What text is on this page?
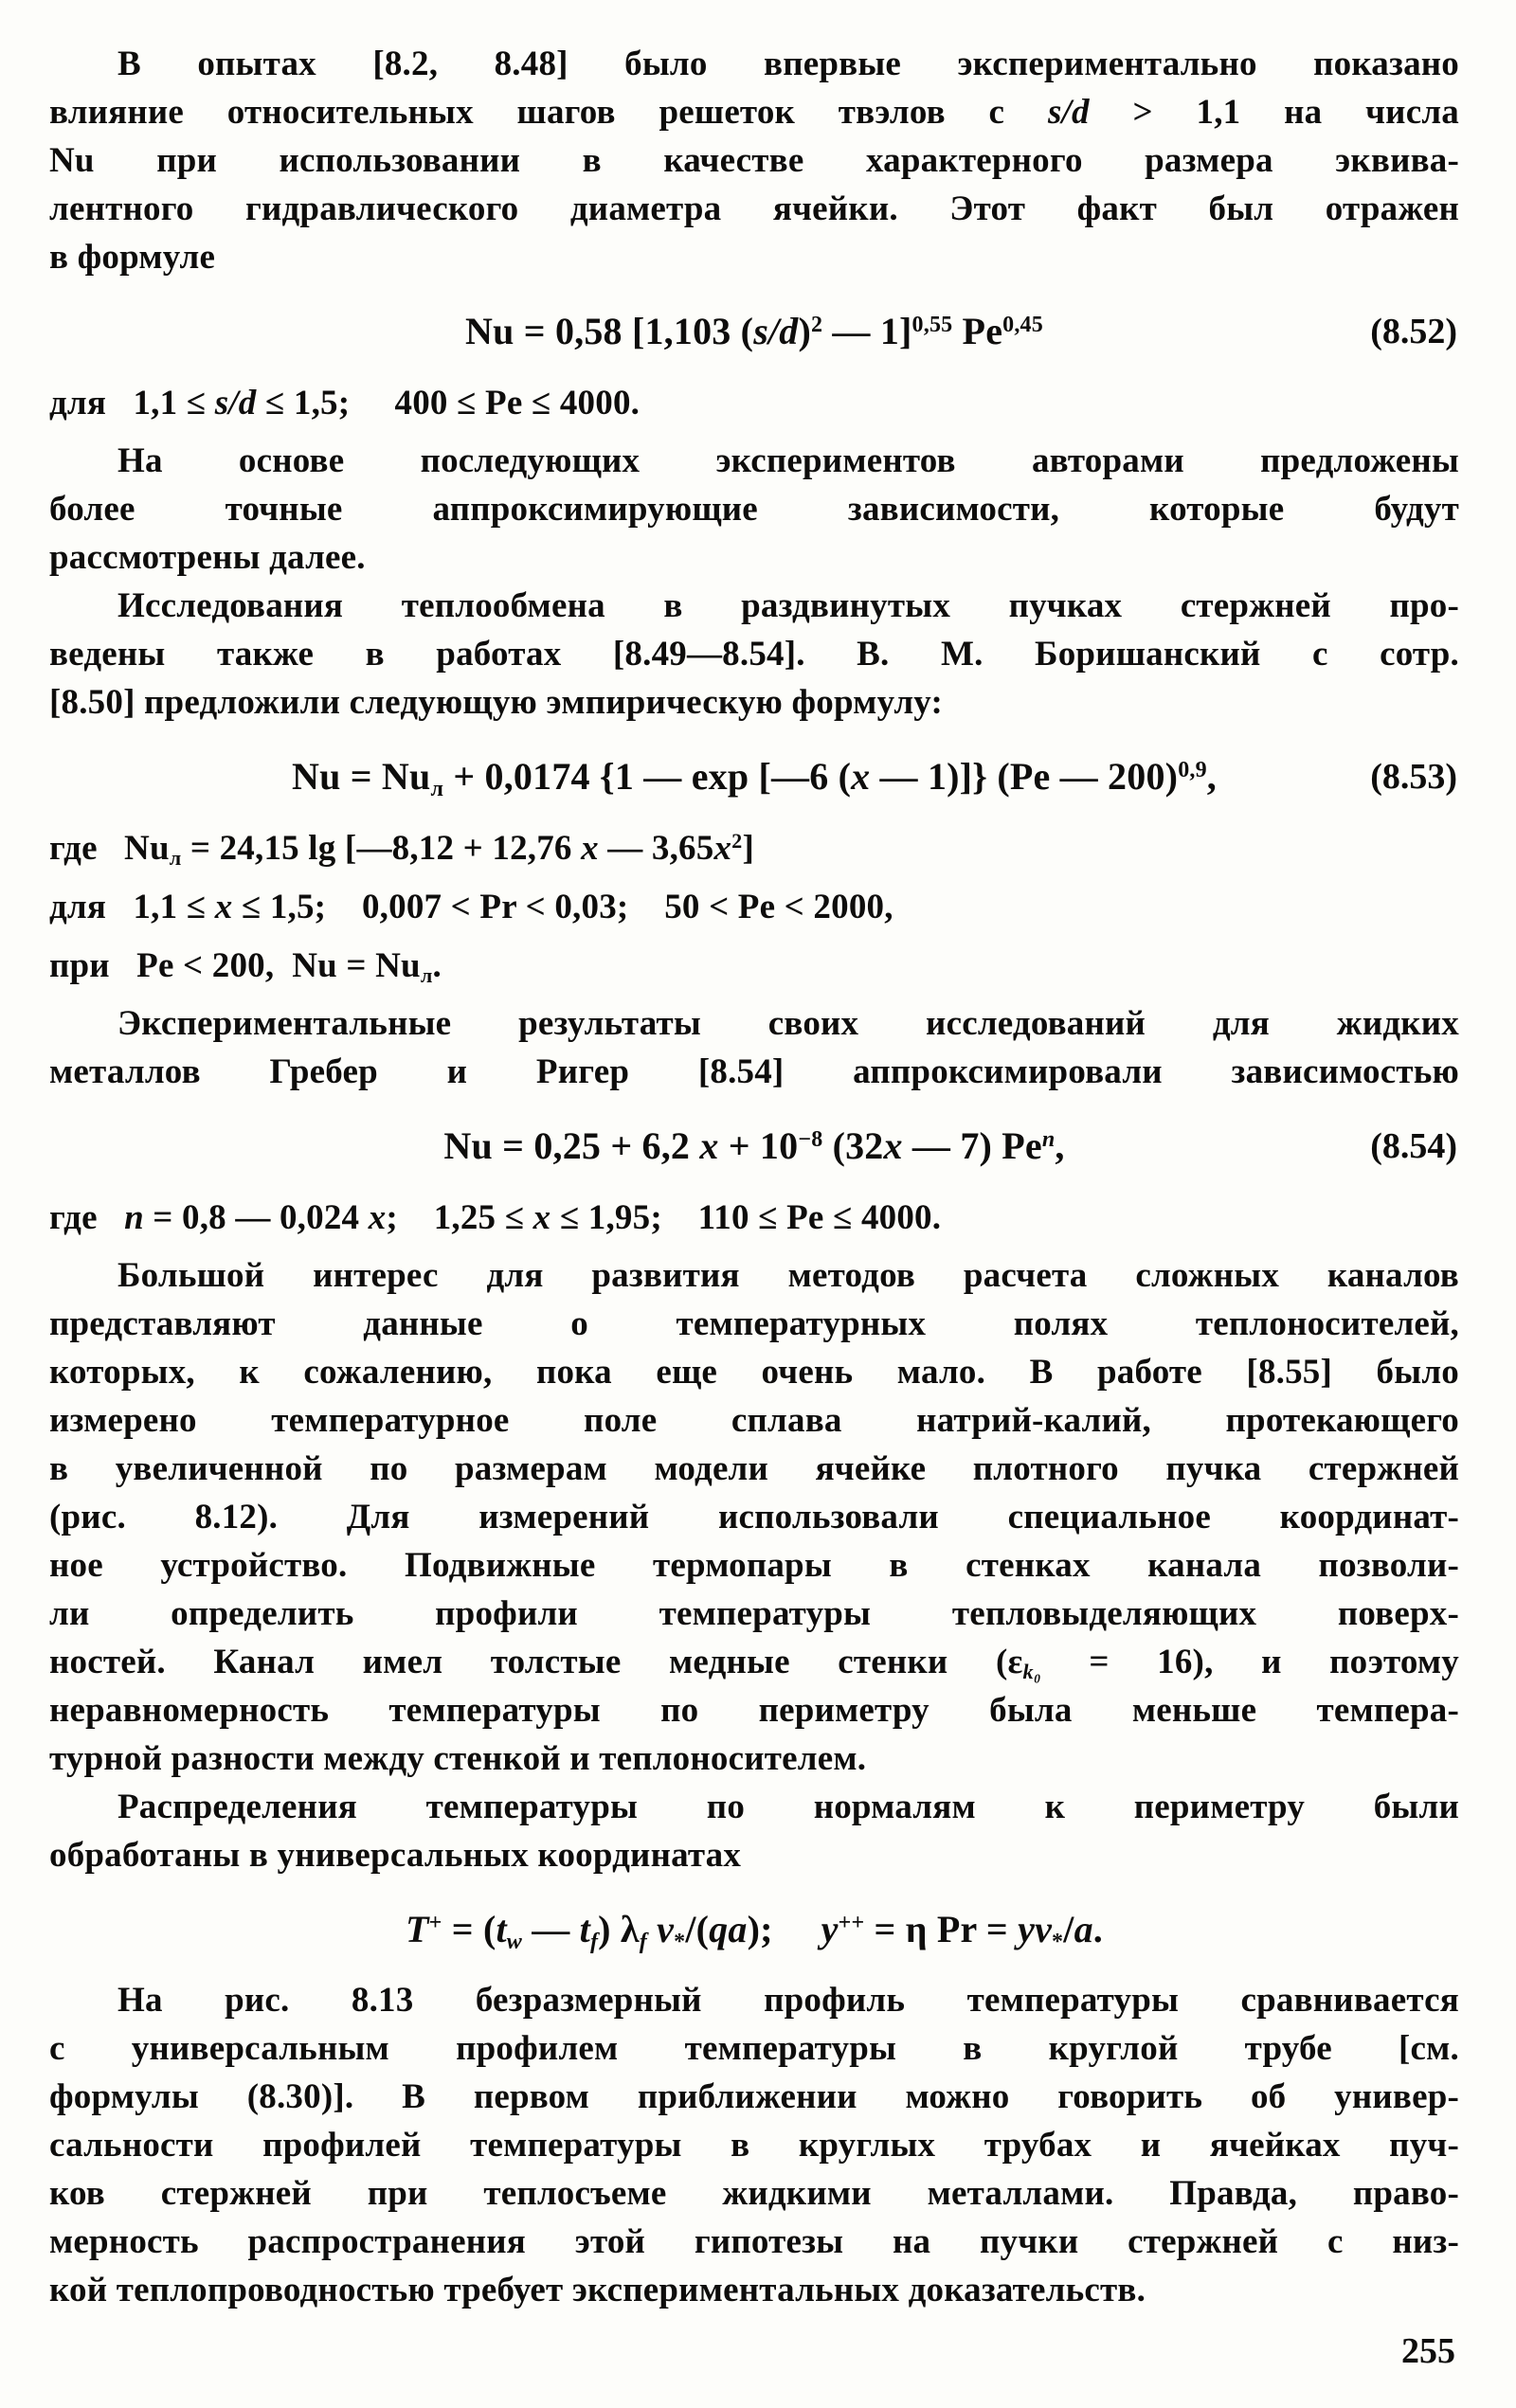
В опытах [8.2, 8.48] было впервые экспериментально показано
влияние относительных шагов решеток твэлов с s/d > 1,1 на числа
Nu при использовании в качестве характерного размера эквива-
лентного гидравлического диаметра ячейки. Этот факт был отражен
в формуле
Nu = 0,58 [1,103 $(s/d)^2$ — 1]$^{0,55}$ Pe$^{0,45}$	(8.52)
для   1,1 ≤ s/d ≤ 1,5;     400 ≤ Pe ≤ 4000.
На основе последующих экспериментов авторами предложены
более точные аппроксимирующие зависимости, которые будут
рассмотрены далее.
Исследования теплообмена в раздвинутых пучках стержней про-
ведены также в работах [8.49—8.54]. В. М. Боришанский с сотр.
[8.50] предложили следующую эмпирическую формулу:
$Nu = Nu_л + 0,0174$ {1 — exp [—6 (x — 1)]} (Pe — 200)$^{0,9}$,	(8.53)
где   $Nu_л = 24,15$ lg [—8,12 + 12,76 x — $3,65x^2$]
для   1,1 ≤ x ≤ 1,5;    0,007 < Pr < 0,03;    50 < Pe < 2000,
при   Pe < 200,  $Nu = Nu_л$.
Экспериментальные результаты своих исследований для жидких
металлов Гребер и Ригер [8.54] аппроксимировали зависимостью
Nu = 0,25 + 6,2 $x + 10^{-8}$ (32x — 7) Pe$^n$,	(8.54)
где   n = 0,8 — 0,024 x;    1,25 ≤ x ≤ 1,95;    110 ≤ Pe ≤ 4000.
Большой интерес для развития методов расчета сложных каналов
представляют данные о температурных полях теплоносителей,
которых, к сожалению, пока еще очень мало. В работе [8.55] было
измерено температурное поле сплава натрий-калий, протекающего
в увеличенной по размерам модели ячейке плотного пучка стержней
(рис. 8.12). Для измерений использовали специальное координат-
ное устройство. Подвижные термопары в стенках канала позволи-
ли определить профили температуры тепловыделяющих поверх-
ностей. Канал имел толстые медные стенки $(\varepsilon_{k_0} = 16)$, и поэтому
неравномерность температуры по периметру была меньше темпера-
турной разности между стенкой и теплоносителем.
Распределения температуры по нормалям к периметру были
обработаны в универсальных координатах
$T^+ = (t_w$ — $t_f$) $\lambda_f$ $v_*/(qa)$;     y++ = η $Pr = yv_*/a$.
На рис. 8.13 безразмерный профиль температуры сравнивается
с универсальным профилем температуры в круглой трубе [см.
формулы (8.30)]. В первом приближении можно говорить об универ-
сальности профилей температуры в круглых трубах и ячейках пуч-
ков стержней при теплосъеме жидкими металлами. Правда, право-
мерность распространения этой гипотезы на пучки стержней с низ-
кой теплопроводностью требует экспериментальных доказательств.
255
